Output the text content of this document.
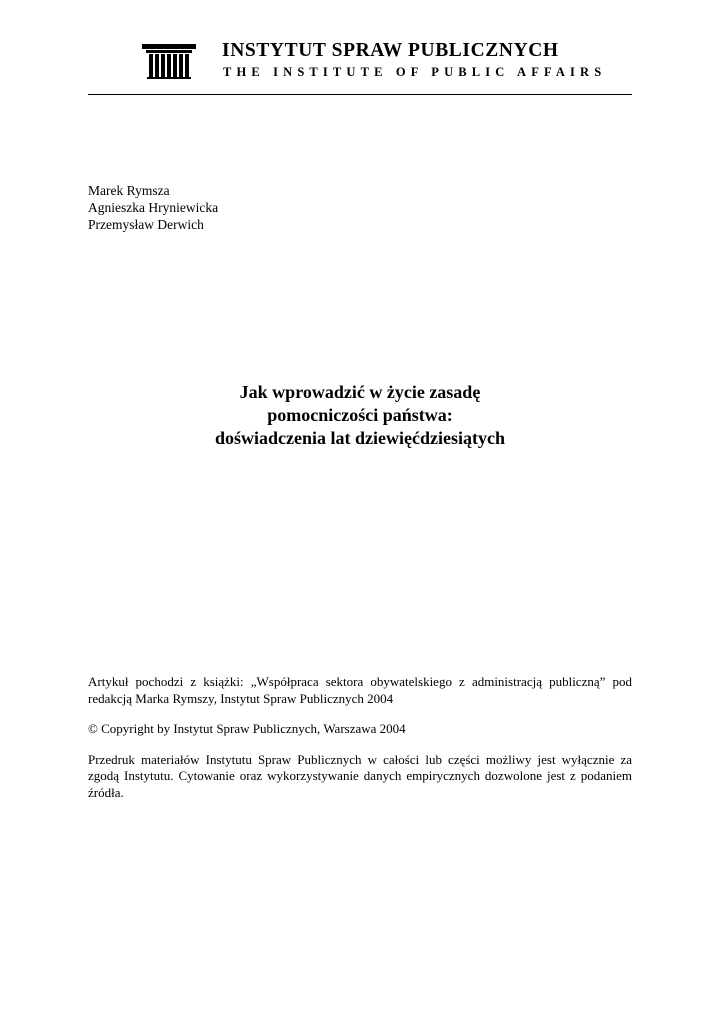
INSTYTUT SPRAW PUBLICZNYCH
THE INSTITUTE OF PUBLIC AFFAIRS
Marek Rymsza
Agnieszka Hryniewicka
Przemysław Derwich
Jak wprowadzić w życie zasadę
pomocniczości państwa:
doświadczenia lat dziewięćdziesiątych

Artykuł pochodzi z książki: „Współpraca sektora obywatelskiego z administracją publiczną” pod redakcją Marka Rymszy, Instytut Spraw Publicznych 2004

© Copyright by Instytut Spraw Publicznych, Warszawa 2004

Przedruk materiałów Instytutu Spraw Publicznych w całości lub części możliwy jest wyłącznie za zgodą Instytutu. Cytowanie oraz wykorzystywanie danych empirycznych dozwolone jest z podaniem źródła.
